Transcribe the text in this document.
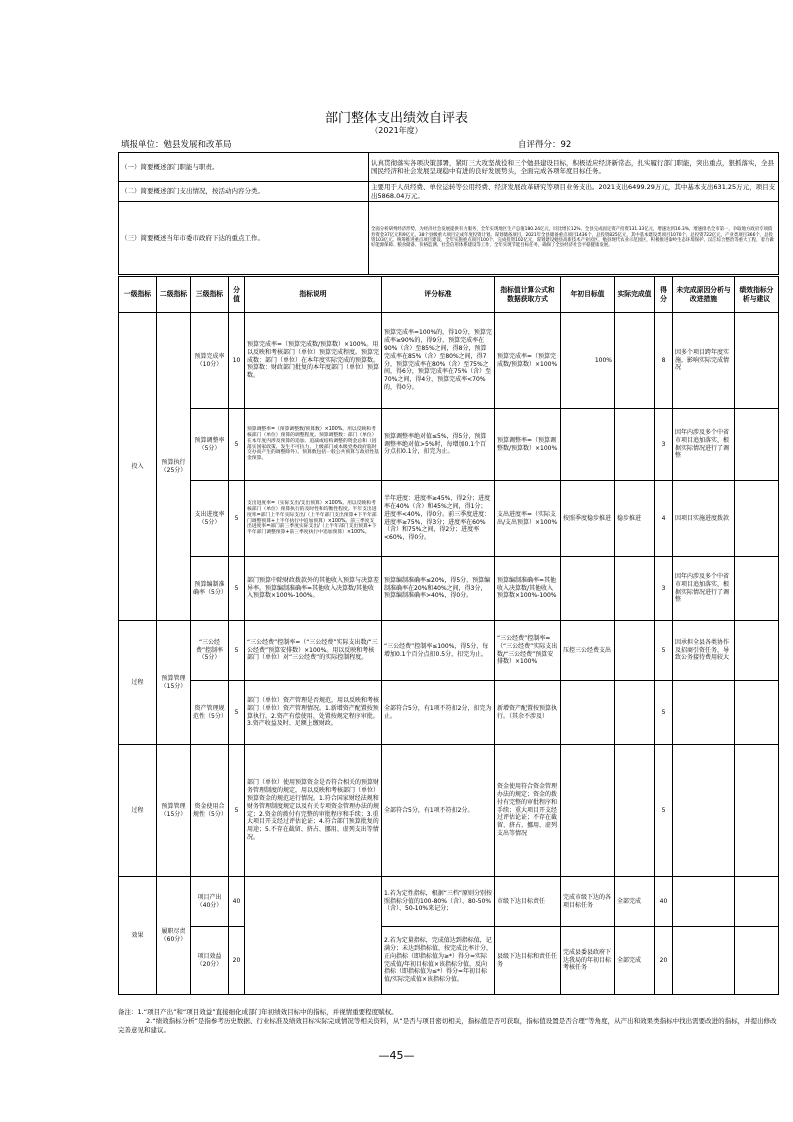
部门整体支出绩效自评表
（2021年度）
填报单位：勉县发展和改革局	自评得分：92
（一）简要概述部门职能与职责。	认真贯彻落实各项决策部署，紧盯三大攻坚战役和三个勉县建设目标，积极适应经济新常态，扎实履行部门职能，突出重点，狠抓落实，全县国民经济和社会发展呈现稳中有进的良好发展势头，全面完成各项年度目标任务。
（二）简要概述部门支出情况，按活动内容分类。	主要用于人员经费、单位运转等公用经费、经济发展改革研究等项目业务支出。2021支出6499.29万元，其中基本支出631.25万元，项目支出5868.04万元。
（三）简要概述当年市委市政府下达的重点工作。	全面分析研判经济形势，为经济社会发展提供有力服务，全年实现地区生产总值180.24亿元，同比增长12%，全县完成固定资产投资131.33亿元，增速达到16.3%，增速排名全市第一，争取地方政府专项债券资金37亿元和9亿元，38个县级重大项目完成年度投资计划。谋划储备项目，2021年全县储备重点项目1436个，总投资825亿元，其中基本建设类项目1070个，总投资722亿元，产业类项目366个，总投资103亿元。统筹推进重点项目建设，全年实施重点项目100个，完成投资102亿元，谋划建设勉县高新技术产业园区、勉县现代农业示范园区，积极推进秦岭生态环境保护、汉江综合整治等重大工程，着力做好能源保障、粮食储备、价格监测、社会信用体系建设等工作，全年实现节能目标任务，确保了全县经济社会平稳健康发展。
一级指标	二级指标	三级指标	分值	指标说明	评分标准	指标值计算公式和数据获取方式	年初目标值	实际完成值	得分	未完成原因分析与改进措施	绩效指标分析与建议
投入	预算执行（25分）	预算完成率（10分）	10	预算完成率=（预算完成数/预算数）×100%。用以反映和考核部门（单位）预算完成程度。预算完成数：部门（单位）在本年度实际完成的预算数。预算数：财政部门批复的本年度部门（单位）预算数。	预算完成率=100%的，得10分，预算完成率≥90%的，得9分，预算完成率在90%（含）至85%之间，得8分，预算完成率在85%（含）至80%之间，得7分，预算完成率在80%（含）至75%之间，得6分，预算完成率在75%（含）至70%之间，得4分，预算完成率<70%的，得0分。	预算完成率=（预算完成数/预算数）×100%	100%		8	因多个项目跨年度实施，影响实际完成情况	
		预算调整率（5分）	5	预算调整率=（预算调整数/预算数）×100%。用以反映和考核部门（单位）预算的调整程度。预算调整数：部门（单位）在本年度内涉及预算的追加、追减或结构调整的资金总和（因落实国家政策、发生不可抗力、上级部门或本级党委政府临时交办而产生的调整除外）。预算数包括一般公共预算与政府性基金预算。	预算调整率绝对值≤5%，得5分，预算调整率绝对值>5%时，每增加0.1个百分点扣0.1分，扣完为止。	预算调整率=（预算调整数/预算数）×100%			3	因年内涉及多个中省市项目追加落实，根据实际情况进行了调整	
		支出进度率（5分）	5	支出进度率=（实际支出/支出预算）×100%。用以反映和考核部门（单位）预算执行的及时性和均衡性程度。半年支出进度率=部门上半年实际支出/（上半年部门支出预算+下半年部门调整预算+上半年执行中追加预算）×100%。前三季度支出进度率=部门前三季度实际支出/（上半年部门支出预算+下半年部门调整预算+前三季度执行中追加预算）×100%。	半年进度：进度率≥45%，得2分；进度率在40%（含）和45%之间，得1分；进度率<40%，得0分。前三季度进度：进度率≥75%，得3分；进度率在60%（含）和75%之间，得2分；进度率<60%，得0分。	支出进度率=（实际支出/支出预算）×100%	按照季度稳步推进	稳步推进	4	因项目实施进度拨款	
		预算编制准确率（5分）	5	部门预算中除财政拨款外的其他收入预算与决算差异率。预算编制准确率=其他收入决算数/其他收入预算数×100%-100%。	预算编制准确率≤20%，得5分，预算编制准确率在20%和40%之间，得3分，预算编制准确率>40%，得0分。	预算编制准确率=其他收入决算数/其他收入预算数×100%-100%			3	因年内涉及多个中省市项目追加落实，根据实际情况进行了调整	
过程	预算管理（15分）	“三公经费”控制率（5分）	5	“三公经费”控制率=（“三公经费”实际支出数/“三公经费”预算安排数）×100%。用以反映和考核部门（单位）对“三公经费”的实际控制程度。	“三公经费”控制率≤100%，得5分，每增加0.1个百分点扣0.5分，扣完为止。	“三公经费”控制率=（“三公经费”实际支出数/“三公经费”预算安排数）×100%	压控三公经费支出		5	因承担全县各类协作及招商引资任务，导致公务接待费用较大	
		资产管理规范性（5分）	5	部门（单位）资产管理是否规范，用以反映和考核部门（单位）资产管理情况。1.新增资产配置按预算执行。2.资产有偿使用、处置按规定程序审批。3.资产收益及时、足额上缴财政。	全部符合5分，有1项不符扣2分，扣完为止。	新增资产配置按预算执行。（其余不涉及）			5		
过程	预算管理（15分）	资金使用合规性（5分）	5	部门（单位）使用预算资金是否符合相关的预算财务管理制度的规定，用以反映和考核部门（单位）预算资金的规范运行情况。1.符合国家财经法规和财务管理制度规定以及有关专项资金管理办法的规定；2.资金的拨付有完整的审批程序和手续；3.重大项目开支经过评估论证；4.符合部门预算批复的用途；5.不存在截留、挤占、挪用、虚列支出等情况。	全部符合5分，有1项不符扣2分。	资金使用符合资金管理办法的规定；资金的拨付有完整的审批程序和手续；重大项目开支经过评估论证；不存在截留、挤占、挪用、虚列支出等情况			5		
效果	履职尽责（60分）	项目产出（40分）	40		1.若为定性指标，根据“三档”原则分别按照指标分值的100-80%（含）、80-50%（含）、50-10%来记分；	市级下达目标责任	完成市级下达的各项目标任务	全部完成	40		
		项目效益（20分）	20		2.若为定量指标，完成值达到指标值，记满分；未达到指标值，按完成比率计分，正向指标（即指标值为≥*）得分=实际完成值/年初目标值×该指标分值，反向指标（即指标值为≤*）得分=年初目标值/实际完成值×该指标分值。	县级下达目标和责任任务	完成县委县政府下达我局的年初目标考核任务	全部完成	20		
备注：1.“项目产出”和“项目效益”直接细化成部门年初绩效目标中的指标，并视情重要程度赋权。
2.“绩效指标分析”是指参考历史数据、行业标准及绩效目标实际完成情况等相关资料，从“是否与项目密切相关，指标值是否可获取，指标值设置是否合理”等角度，从产出和效果类指标中找出需要改进的指标，并提出修改完善意见和建议。
—45—
